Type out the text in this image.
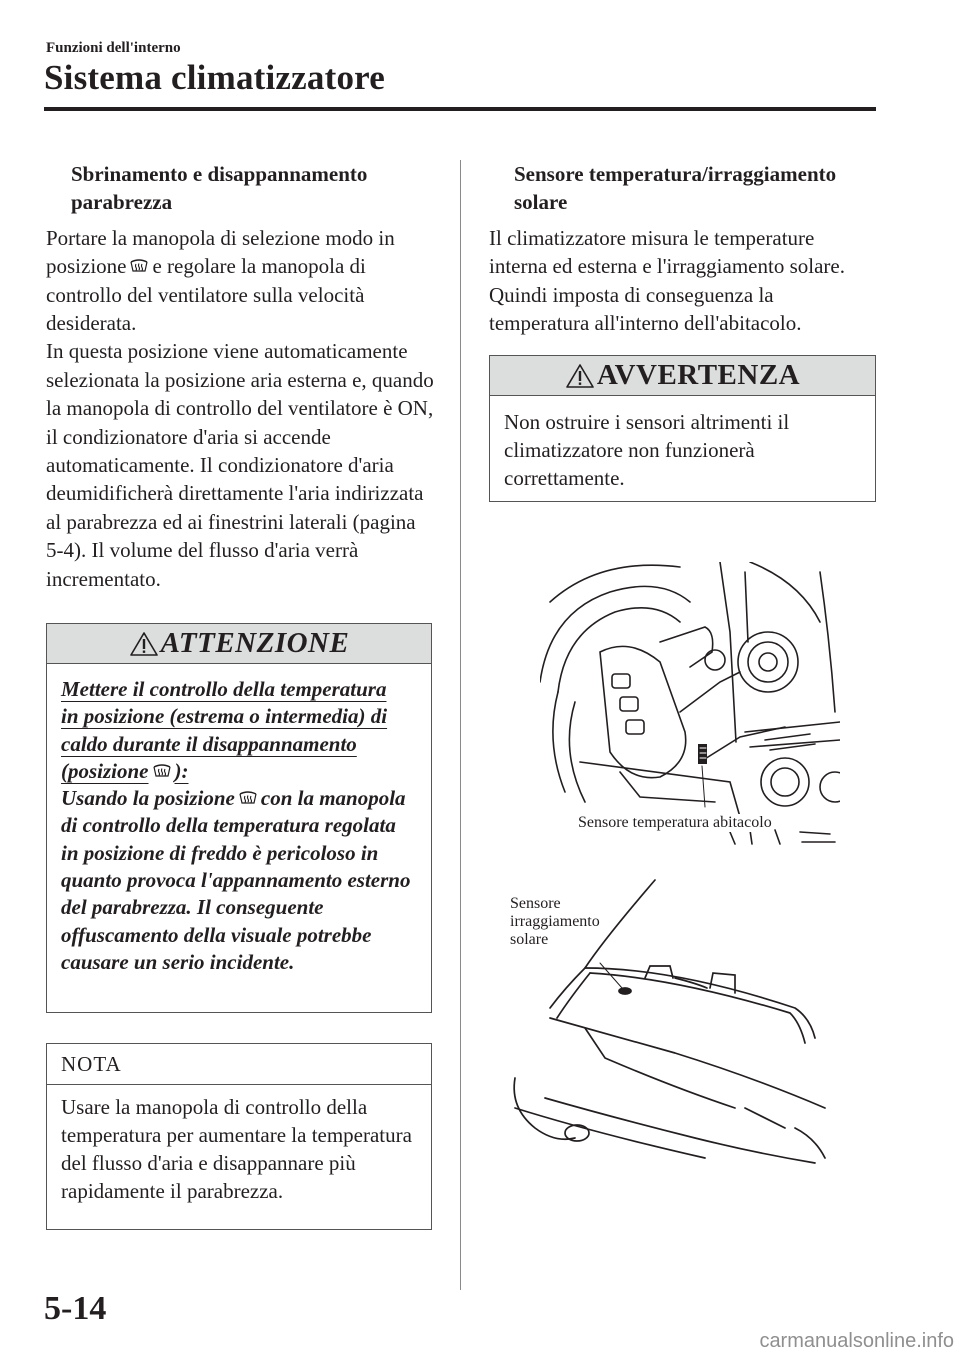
Funzioni dell'interno
Sistema climatizzatore
Sbrinamento e disappannamento parabrezza
Portare la manopola di selezione modo in posizione e regolare la manopola di controllo del ventilatore sulla velocità desiderata.
In questa posizione viene automaticamente selezionata la posizione aria esterna e, quando la manopola di controllo del ventilatore è ON, il condizionatore d'aria si accende automaticamente. Il condizionatore d'aria deumidificherà direttamente l'aria indirizzata al parabrezza ed ai finestrini laterali (pagina 5-4). Il volume del flusso d'aria verrà incrementato.
ATTENZIONE
Mettere il controllo della temperatura
in posizione (estrema o intermedia) di
caldo durante il disappannamento
(posizione ):
Usando la posizione con la manopola di controllo della temperatura regolata in posizione di freddo è pericoloso in quanto provoca l'appannamento esterno del parabrezza. Il conseguente offuscamento della visuale potrebbe causare un serio incidente.
NOTA
Usare la manopola di controllo della temperatura per aumentare la temperatura del flusso d'aria e disappannare più rapidamente il parabrezza.
Sensore temperatura/irraggiamento solare
Il climatizzatore misura le temperature interna ed esterna e l'irraggiamento solare. Quindi imposta di conseguenza la temperatura all'interno dell'abitacolo.
AVVERTENZA
Non ostruire i sensori altrimenti il climatizzatore non funzionerà correttamente.
Sensore temperatura abitacolo
Sensore
irraggiamento
solare
5-14
carmanualsonline.info
